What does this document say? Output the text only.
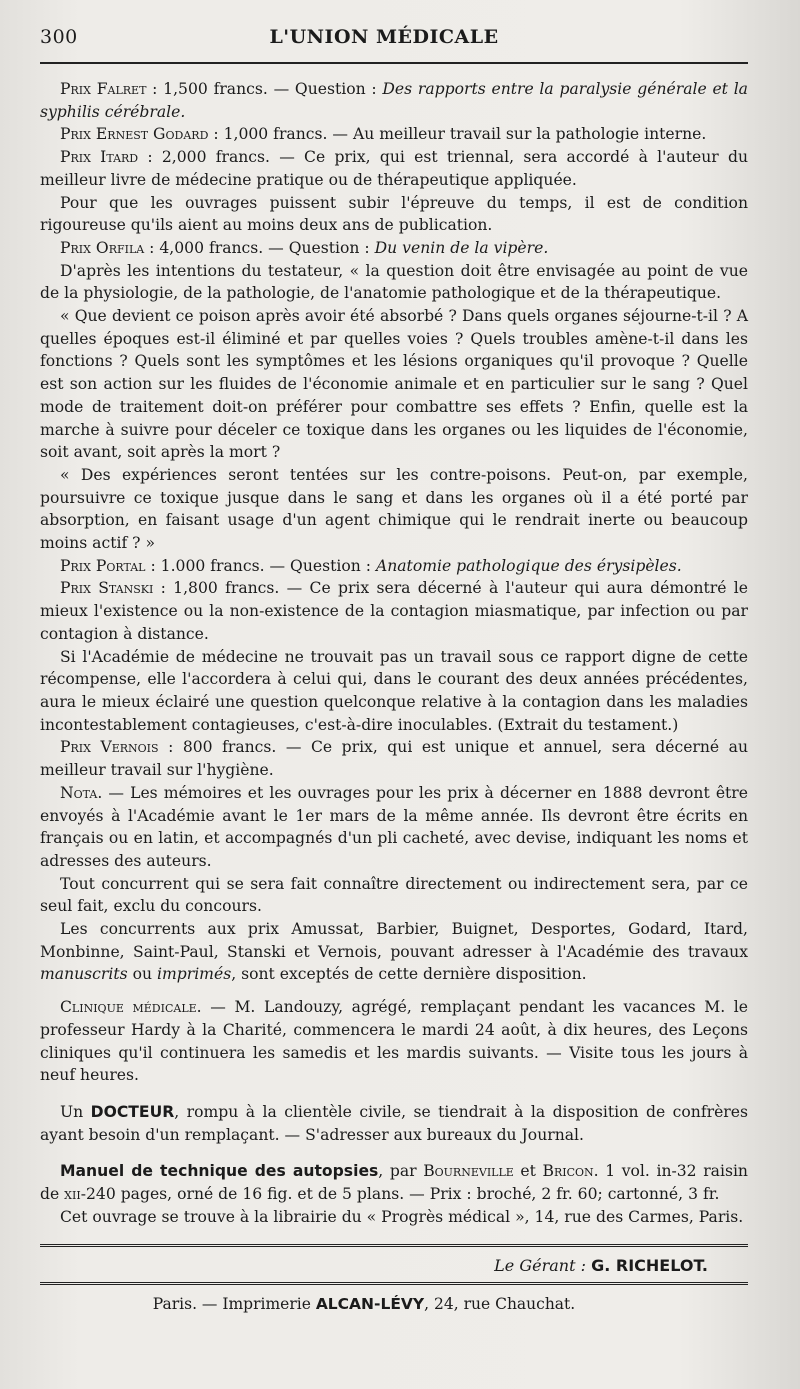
300	L'UNION MÉDICALE

Prix Falret : 1,500 francs. — Question : Des rapports entre la paralysie générale et la syphilis cérébrale.

Prix Ernest Godard : 1,000 francs. — Au meilleur travail sur la pathologie interne.

Prix Itard : 2,000 francs. — Ce prix, qui est triennal, sera accordé à l'auteur du meilleur livre de médecine pratique ou de thérapeutique appliquée.

Pour que les ouvrages puissent subir l'épreuve du temps, il est de condition rigoureuse qu'ils aient au moins deux ans de publication.

Prix Orfila : 4,000 francs. — Question : Du venin de la vipère.

D'après les intentions du testateur, « la question doit être envisagée au point de vue de la physiologie, de la pathologie, de l'anatomie pathologique et de la thérapeutique.

« Que devient ce poison après avoir été absorbé ? Dans quels organes séjourne-t-il ? A quelles époques est-il éliminé et par quelles voies ? Quels troubles amène-t-il dans les fonctions ? Quels sont les symptômes et les lésions organiques qu'il provoque ? Quelle est son action sur les fluides de l'économie animale et en particulier sur le sang ? Quel mode de traitement doit-on préférer pour combattre ses effets ? Enfin, quelle est la marche à suivre pour déceler ce toxique dans les organes ou les liquides de l'économie, soit avant, soit après la mort ?

« Des expériences seront tentées sur les contre-poisons. Peut-on, par exemple, poursuivre ce toxique jusque dans le sang et dans les organes où il a été porté par absorption, en faisant usage d'un agent chimique qui le rendrait inerte ou beaucoup moins actif ? »

Prix Portal : 1.000 francs. — Question : Anatomie pathologique des érysipèles.

Prix Stanski : 1,800 francs. — Ce prix sera décerné à l'auteur qui aura démontré le mieux l'existence ou la non-existence de la contagion miasmatique, par infection ou par contagion à distance.

Si l'Académie de médecine ne trouvait pas un travail sous ce rapport digne de cette récompense, elle l'accordera à celui qui, dans le courant des deux années précédentes, aura le mieux éclairé une question quelconque relative à la contagion dans les maladies incontestablement contagieuses, c'est-à-dire inoculables. (Extrait du testament.)

Prix Vernois : 800 francs. — Ce prix, qui est unique et annuel, sera décerné au meilleur travail sur l'hygiène.

Nota. — Les mémoires et les ouvrages pour les prix à décerner en 1888 devront être envoyés à l'Académie avant le 1er mars de la même année. Ils devront être écrits en français ou en latin, et accompagnés d'un pli cacheté, avec devise, indiquant les noms et adresses des auteurs.

Tout concurrent qui se sera fait connaître directement ou indirectement sera, par ce seul fait, exclu du concours.

Les concurrents aux prix Amussat, Barbier, Buignet, Desportes, Godard, Itard, Monbinne, Saint-Paul, Stanski et Vernois, pouvant adresser à l'Académie des travaux manuscrits ou imprimés, sont exceptés de cette dernière disposition.

Clinique médicale. — M. Landouzy, agrégé, remplaçant pendant les vacances M. le professeur Hardy à la Charité, commencera le mardi 24 août, à dix heures, des Leçons cliniques qu'il continuera les samedis et les mardis suivants. — Visite tous les jours à neuf heures.

Un DOCTEUR, rompu à la clientèle civile, se tiendrait à la disposition de confrères ayant besoin d'un remplaçant. — S'adresser aux bureaux du Journal.

Manuel de technique des autopsies, par Bourneville et Bricon. 1 vol. in-32 raisin de xii-240 pages, orné de 16 fig. et de 5 plans. — Prix : broché, 2 fr. 60; cartonné, 3 fr.

Cet ouvrage se trouve à la librairie du « Progrès médical », 14, rue des Carmes, Paris.

Le Gérant : G. RICHELOT.
Paris. — Imprimerie ALCAN-LÉVY, 24, rue Chauchat.
